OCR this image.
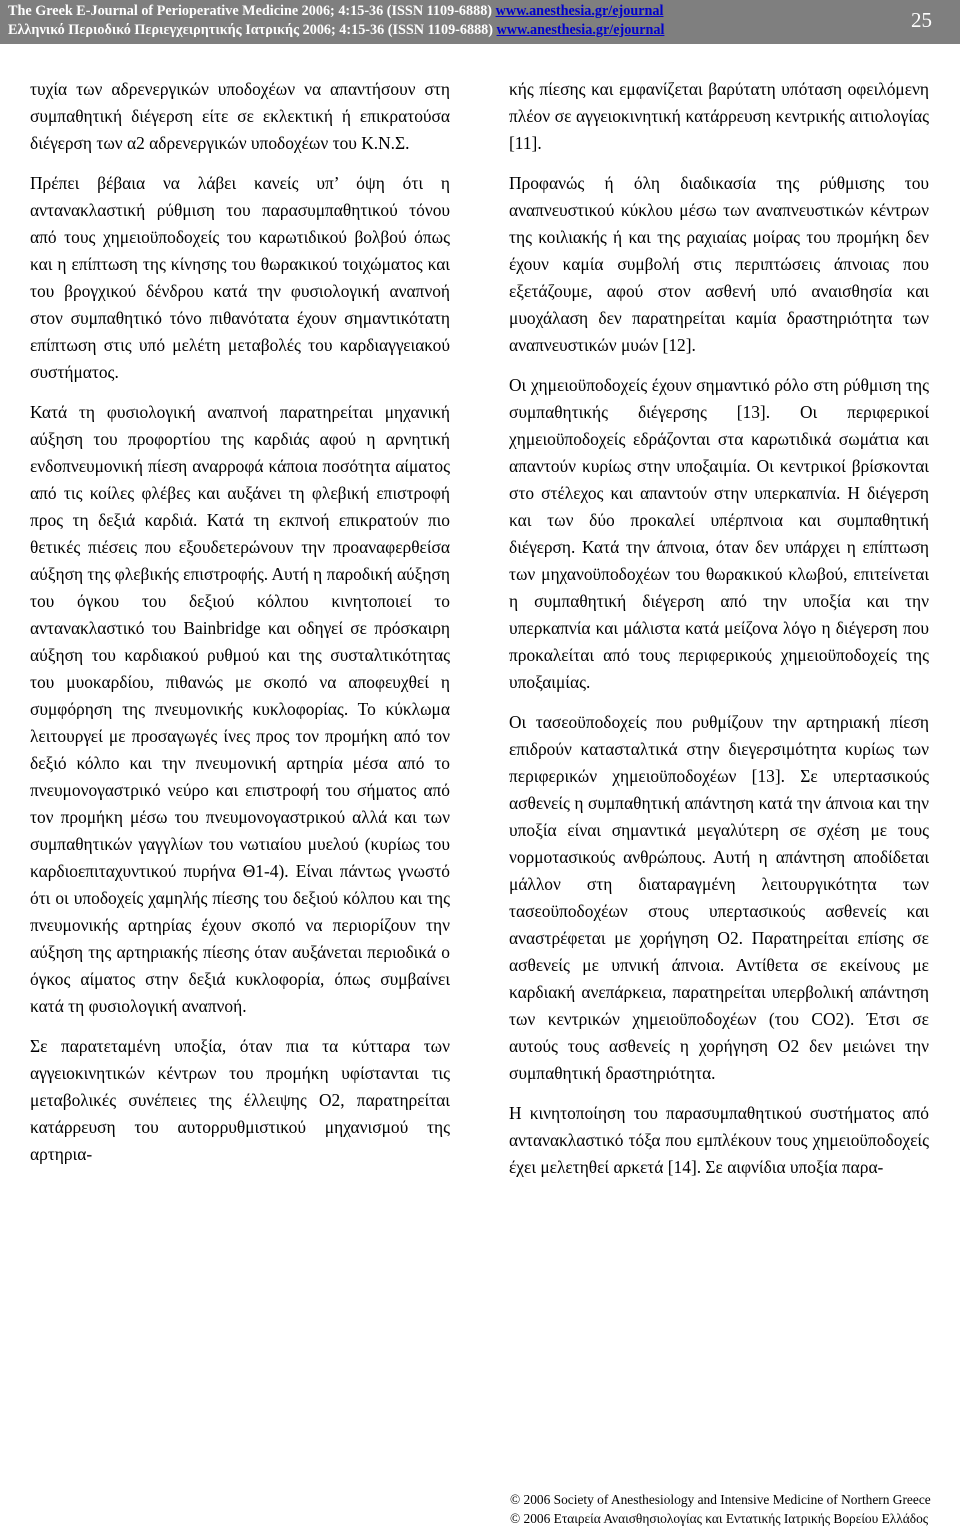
The Greek E-Journal of Perioperative Medicine 2006; 4:15-36 (ISSN 1109-6888) www.anesthesia.gr/ejournal
Ελληνικό Περιοδικό Περιεγχειρητικής Ιατρικής 2006; 4:15-36 (ISSN 1109-6888) www.anesthesia.gr/ejournal	25

τυχία των αδρενεργικών υποδοχέων να απαντήσουν στη συμπαθητική διέγερση είτε σε εκλεκτική ή επικρατούσα διέγερση των α2 αδρενεργικών υποδοχέων του Κ.Ν.Σ.

Πρέπει βέβαια να λάβει κανείς υπ’ όψη ότι η αντανακλαστική ρύθμιση του παρασυμπαθητικού τόνου από τους χημειοϋποδοχείς του καρωτιδικού βολβού όπως και η επίπτωση της κίνησης του θωρακικού τοιχώματος και του βρογχικού δένδρου κατά την φυσιολογική αναπνοή στον συμπαθητικό τόνο πιθανότατα έχουν σημαντικότατη επίπτωση στις υπό μελέτη μεταβολές του καρδιαγγειακού συστήματος.

Κατά τη φυσιολογική αναπνοή παρατηρείται μηχανική αύξηση του προφορτίου της καρδιάς αφού η αρνητική ενδοπνευμονική πίεση αναρροφά κάποια ποσότητα αίματος από τις κοίλες φλέβες και αυξάνει τη φλεβική επιστροφή προς τη δεξιά καρδιά. Κατά τη εκπνοή επικρατούν πιο θετικές πιέσεις που εξουδετερώνουν την προαναφερθείσα αύξηση της φλεβικής επιστροφής. Αυτή η παροδική αύξηση του όγκου του δεξιού κόλπου κινητοποιεί το αντανακλαστικό του Bainbridge και οδηγεί σε πρόσκαιρη αύξηση του καρδιακού ρυθμού και της συσταλτικότητας του μυοκαρδίου, πιθανώς με σκοπό να αποφευχθεί η συμφόρηση της πνευμονικής κυκλοφορίας. Το κύκλωμα λειτουργεί με προσαγωγές ίνες προς τον προμήκη από τον δεξιό κόλπο και την πνευμονική αρτηρία μέσα από το πνευμονογαστρικό νεύρο και επιστροφή του σήματος από τον προμήκη μέσω του πνευμονογαστρικού αλλά και των συμπαθητικών γαγγλίων του νωτιαίου μυελού (κυρίως του καρδιοεπιταχυντικού πυρήνα Θ1-4). Είναι πάντως γνωστό ότι οι υποδοχείς χαμηλής πίεσης του δεξιού κόλπου και της πνευμονικής αρτηρίας έχουν σκοπό να περιορίζουν την αύξηση της αρτηριακής πίεσης όταν αυξάνεται περιοδικά ο όγκος αίματος στην δεξιά κυκλοφορία, όπως συμβαίνει κατά τη φυσιολογική αναπνοή.

Σε παρατεταμένη υποξία, όταν πια τα κύτταρα των αγγειοκινητικών κέντρων του προμήκη υφίστανται τις μεταβολικές συνέπειες της έλλειψης Ο2, παρατηρείται κατάρρευση του αυτορρυθμιστικού μηχανισμού της αρτηρια-

κής πίεσης και εμφανίζεται βαρύτατη υπόταση οφειλόμενη πλέον σε αγγειοκινητική κατάρρευση κεντρικής αιτιολογίας [11].

Προφανώς ή όλη διαδικασία της ρύθμισης του αναπνευστικού κύκλου μέσω των αναπνευστικών κέντρων της κοιλιακής ή και της ραχιαίας μοίρας του προμήκη δεν έχουν καμία συμβολή στις περιπτώσεις άπνοιας που εξετάζουμε, αφού στον ασθενή υπό αναισθησία και μυοχάλαση δεν παρατηρείται καμία δραστηριότητα των αναπνευστικών μυών [12].

Οι χημειοϋποδοχείς έχουν σημαντικό ρόλο στη ρύθμιση της συμπαθητικής διέγερσης [13]. Οι περιφερικοί χημειοϋποδοχείς εδράζονται στα καρωτιδικά σωμάτια και απαντούν κυρίως στην υποξαιμία. Οι κεντρικοί βρίσκονται στο στέλεχος και απαντούν στην υπερκαπνία. Η διέγερση και των δύο προκαλεί υπέρπνοια και συμπαθητική διέγερση. Κατά την άπνοια, όταν δεν υπάρχει η επίπτωση των μηχανοϋποδοχέων του θωρακικού κλωβού, επιτείνεται η συμπαθητική διέγερση από την υποξία και την υπερκαπνία και μάλιστα κατά μείζονα λόγο η διέγερση που προκαλείται από τους περιφερικούς χημειοϋποδοχείς της υποξαιμίας.

Οι τασεοϋποδοχείς που ρυθμίζουν την αρτηριακή πίεση επιδρούν κατασταλτικά στην διεγερσιμότητα κυρίως των περιφερικών χημειοϋποδοχέων [13]. Σε υπερτασικούς ασθενείς η συμπαθητική απάντηση κατά την άπνοια και την υποξία είναι σημαντικά μεγαλύτερη σε σχέση με τους νορμοτασικούς ανθρώπους. Αυτή η απάντηση αποδίδεται μάλλον στη διαταραγμένη λειτουργικότητα των τασεοϋποδοχέων στους υπερτασικούς ασθενείς και αναστρέφεται με χορήγηση Ο2. Παρατηρείται επίσης σε ασθενείς με υπνική άπνοια. Αντίθετα σε εκείνους με καρδιακή ανεπάρκεια, παρατηρείται υπερβολική απάντηση των κεντρικών χημειοϋποδοχέων (του CO2). Έτσι σε αυτούς τους ασθενείς η χορήγηση Ο2 δεν μειώνει την συμπαθητική δραστηριότητα.

Η κινητοποίηση του παρασυμπαθητικού συστήματος από αντανακλαστικό τόξα που εμπλέκουν τους χημειοϋποδοχείς έχει μελετηθεί αρκετά [14]. Σε αιφνίδια υποξία παρα-

© 2006 Society of Anesthesiology and Intensive Medicine of Northern Greece
© 2006 Εταιρεία Αναισθησιολογίας και Εντατικής Ιατρικής Βορείου Ελλάδος
